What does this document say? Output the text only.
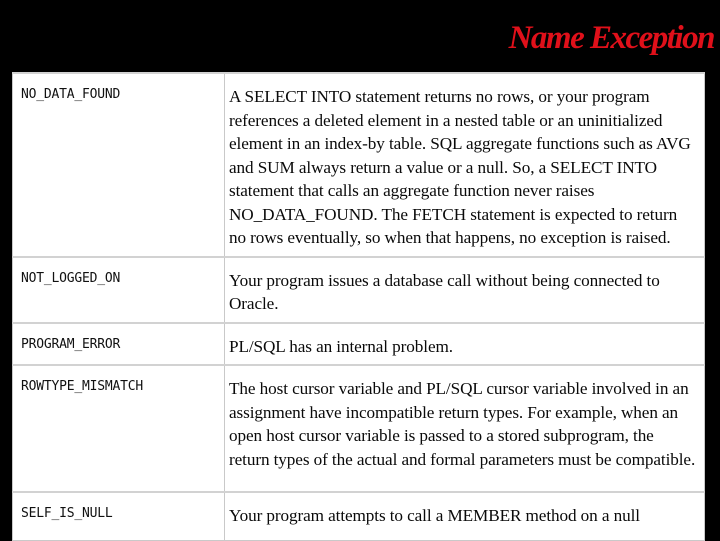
Name Exception
NO_DATA_FOUND	A SELECT INTO statement returns no rows, or your program references a deleted element in a nested table or an uninitialized element in an index-by table. SQL aggregate functions such as AVG and SUM always return a value or a null. So, a SELECT INTO statement that calls an aggregate function never raises NO_DATA_FOUND. The FETCH statement is expected to return no rows eventually, so when that happens, no exception is raised.
NOT_LOGGED_ON	Your program issues a database call without being connected to Oracle.
PROGRAM_ERROR	PL/SQL has an internal problem.
ROWTYPE_MISMATCH	The host cursor variable and PL/SQL cursor variable involved in an assignment have incompatible return types. For example, when an open host cursor variable is passed to a stored subprogram, the return types of the actual and formal parameters must be compatible.
SELF_IS_NULL	Your program attempts to call a MEMBER method on a null
